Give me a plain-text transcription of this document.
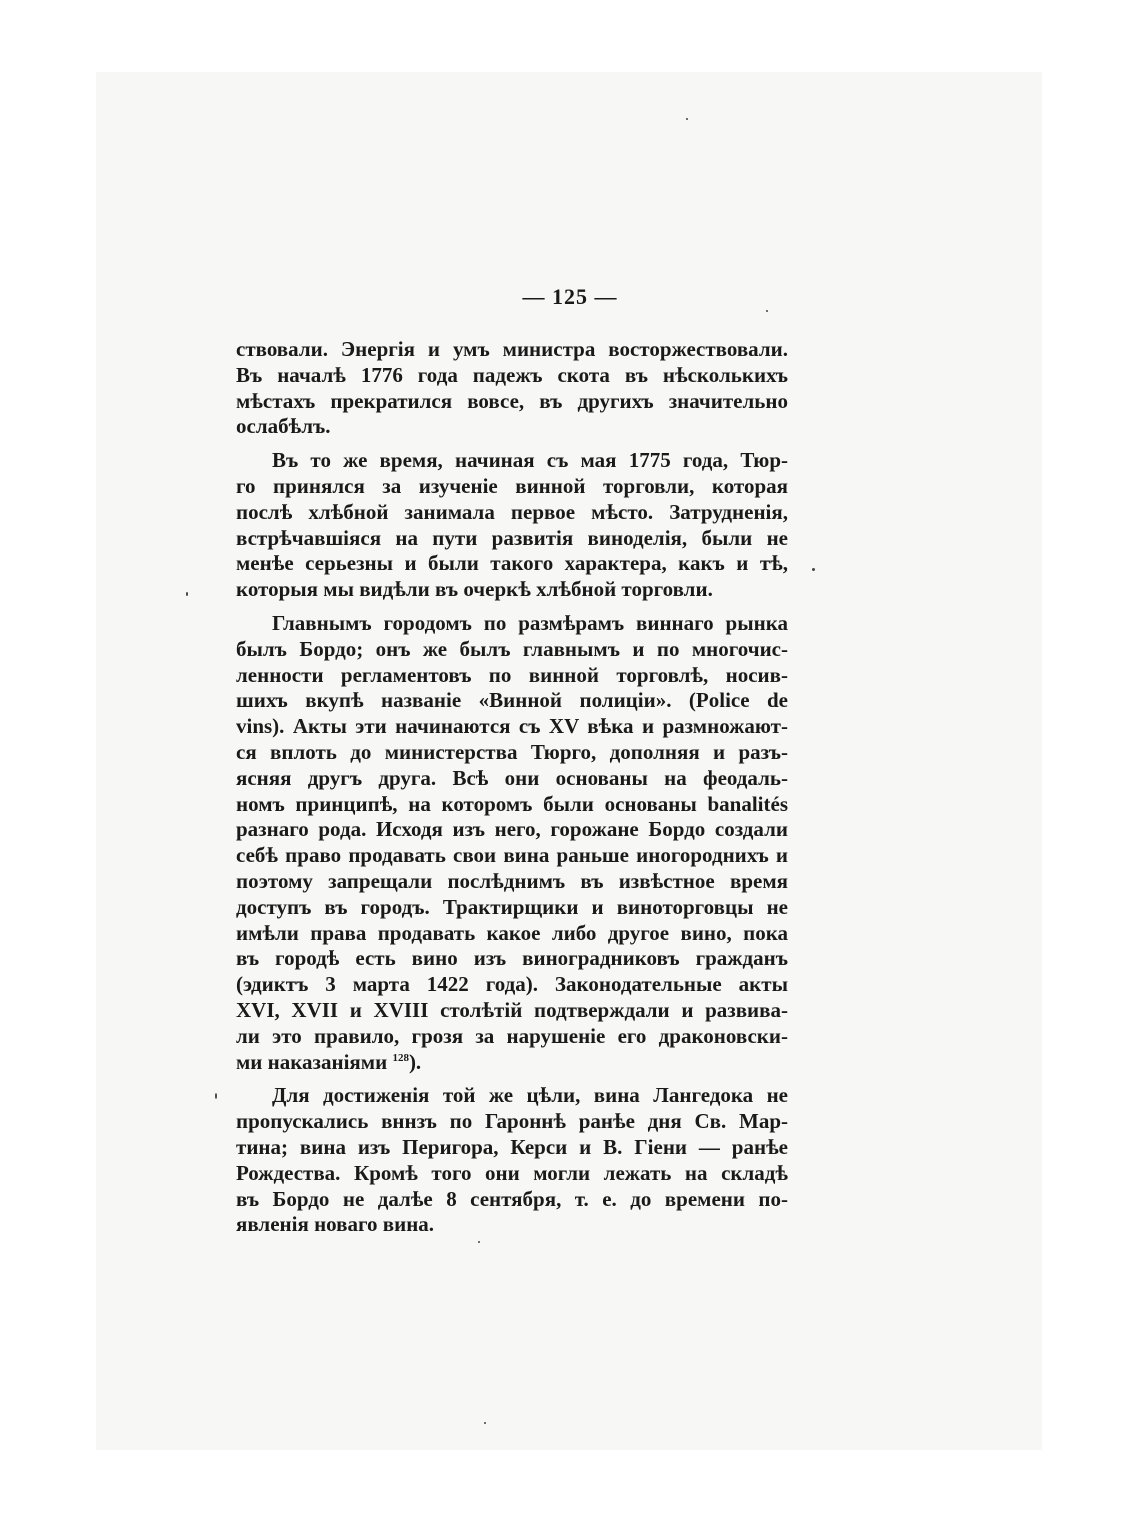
— 125 —
ствовали. Энергія и умъ министра восторжествовали.
Въ началѣ 1776 года падежъ скота въ нѣсколькихъ
мѣстахъ прекратился вовсе, въ другихъ значительно
ослабѣлъ.
Въ то же время, начиная съ мая 1775 года, Тюр-
го принялся за изученіе винной торговли, которая
послѣ хлѣбной занимала первое мѣсто. Затрудненія,
встрѣчавшіяся на пути развитія виноделія, были не
менѣе серьезны и были такого характера, какъ и тѣ,
которыя мы видѣли въ очеркѣ хлѣбной торговли.
Главнымъ городомъ по размѣрамъ виннаго рынка
былъ Бордо; онъ же былъ главнымъ и по многочис-
ленности регламентовъ по винной торговлѣ, носив-
шихъ вкупѣ названіе «Винной полиціи». (Police de
vins). Акты эти начинаются съ XV вѣка и размножают-
ся вплоть до министерства Тюрго, дополняя и разъ-
ясняя другъ друга. Всѣ они основаны на феодаль-
номъ принципѣ, на которомъ были основаны banalités
разнаго рода. Исходя изъ него, горожане Бордо создали
себѣ право продавать свои вина раньше иногороднихъ и
поэтому запрещали послѣднимъ въ извѣстное время
доступъ въ городъ. Трактирщики и виноторговцы не
имѣли права продавать какое либо другое вино, пока
въ городѣ есть вино изъ виноградниковъ гражданъ
(эдиктъ 3 марта 1422 года). Законодательные акты
XVI, XVII и XVIII столѣтій подтверждали и развива-
ли это правило, грозя за нарушеніе его драконовски-
ми наказаніями $^{128}$).
Для достиженія той же цѣли, вина Лангедока не
пропускались вннзъ по Гароннѣ ранѣе дня Св. Мар-
тина; вина изъ Перигора, Керси и В. Гіени — ранѣе
Рождества. Кромѣ того они могли лежать на складѣ
въ Бордо не далѣе 8 сентября, т. е. до времени по-
явленія новаго вина.
